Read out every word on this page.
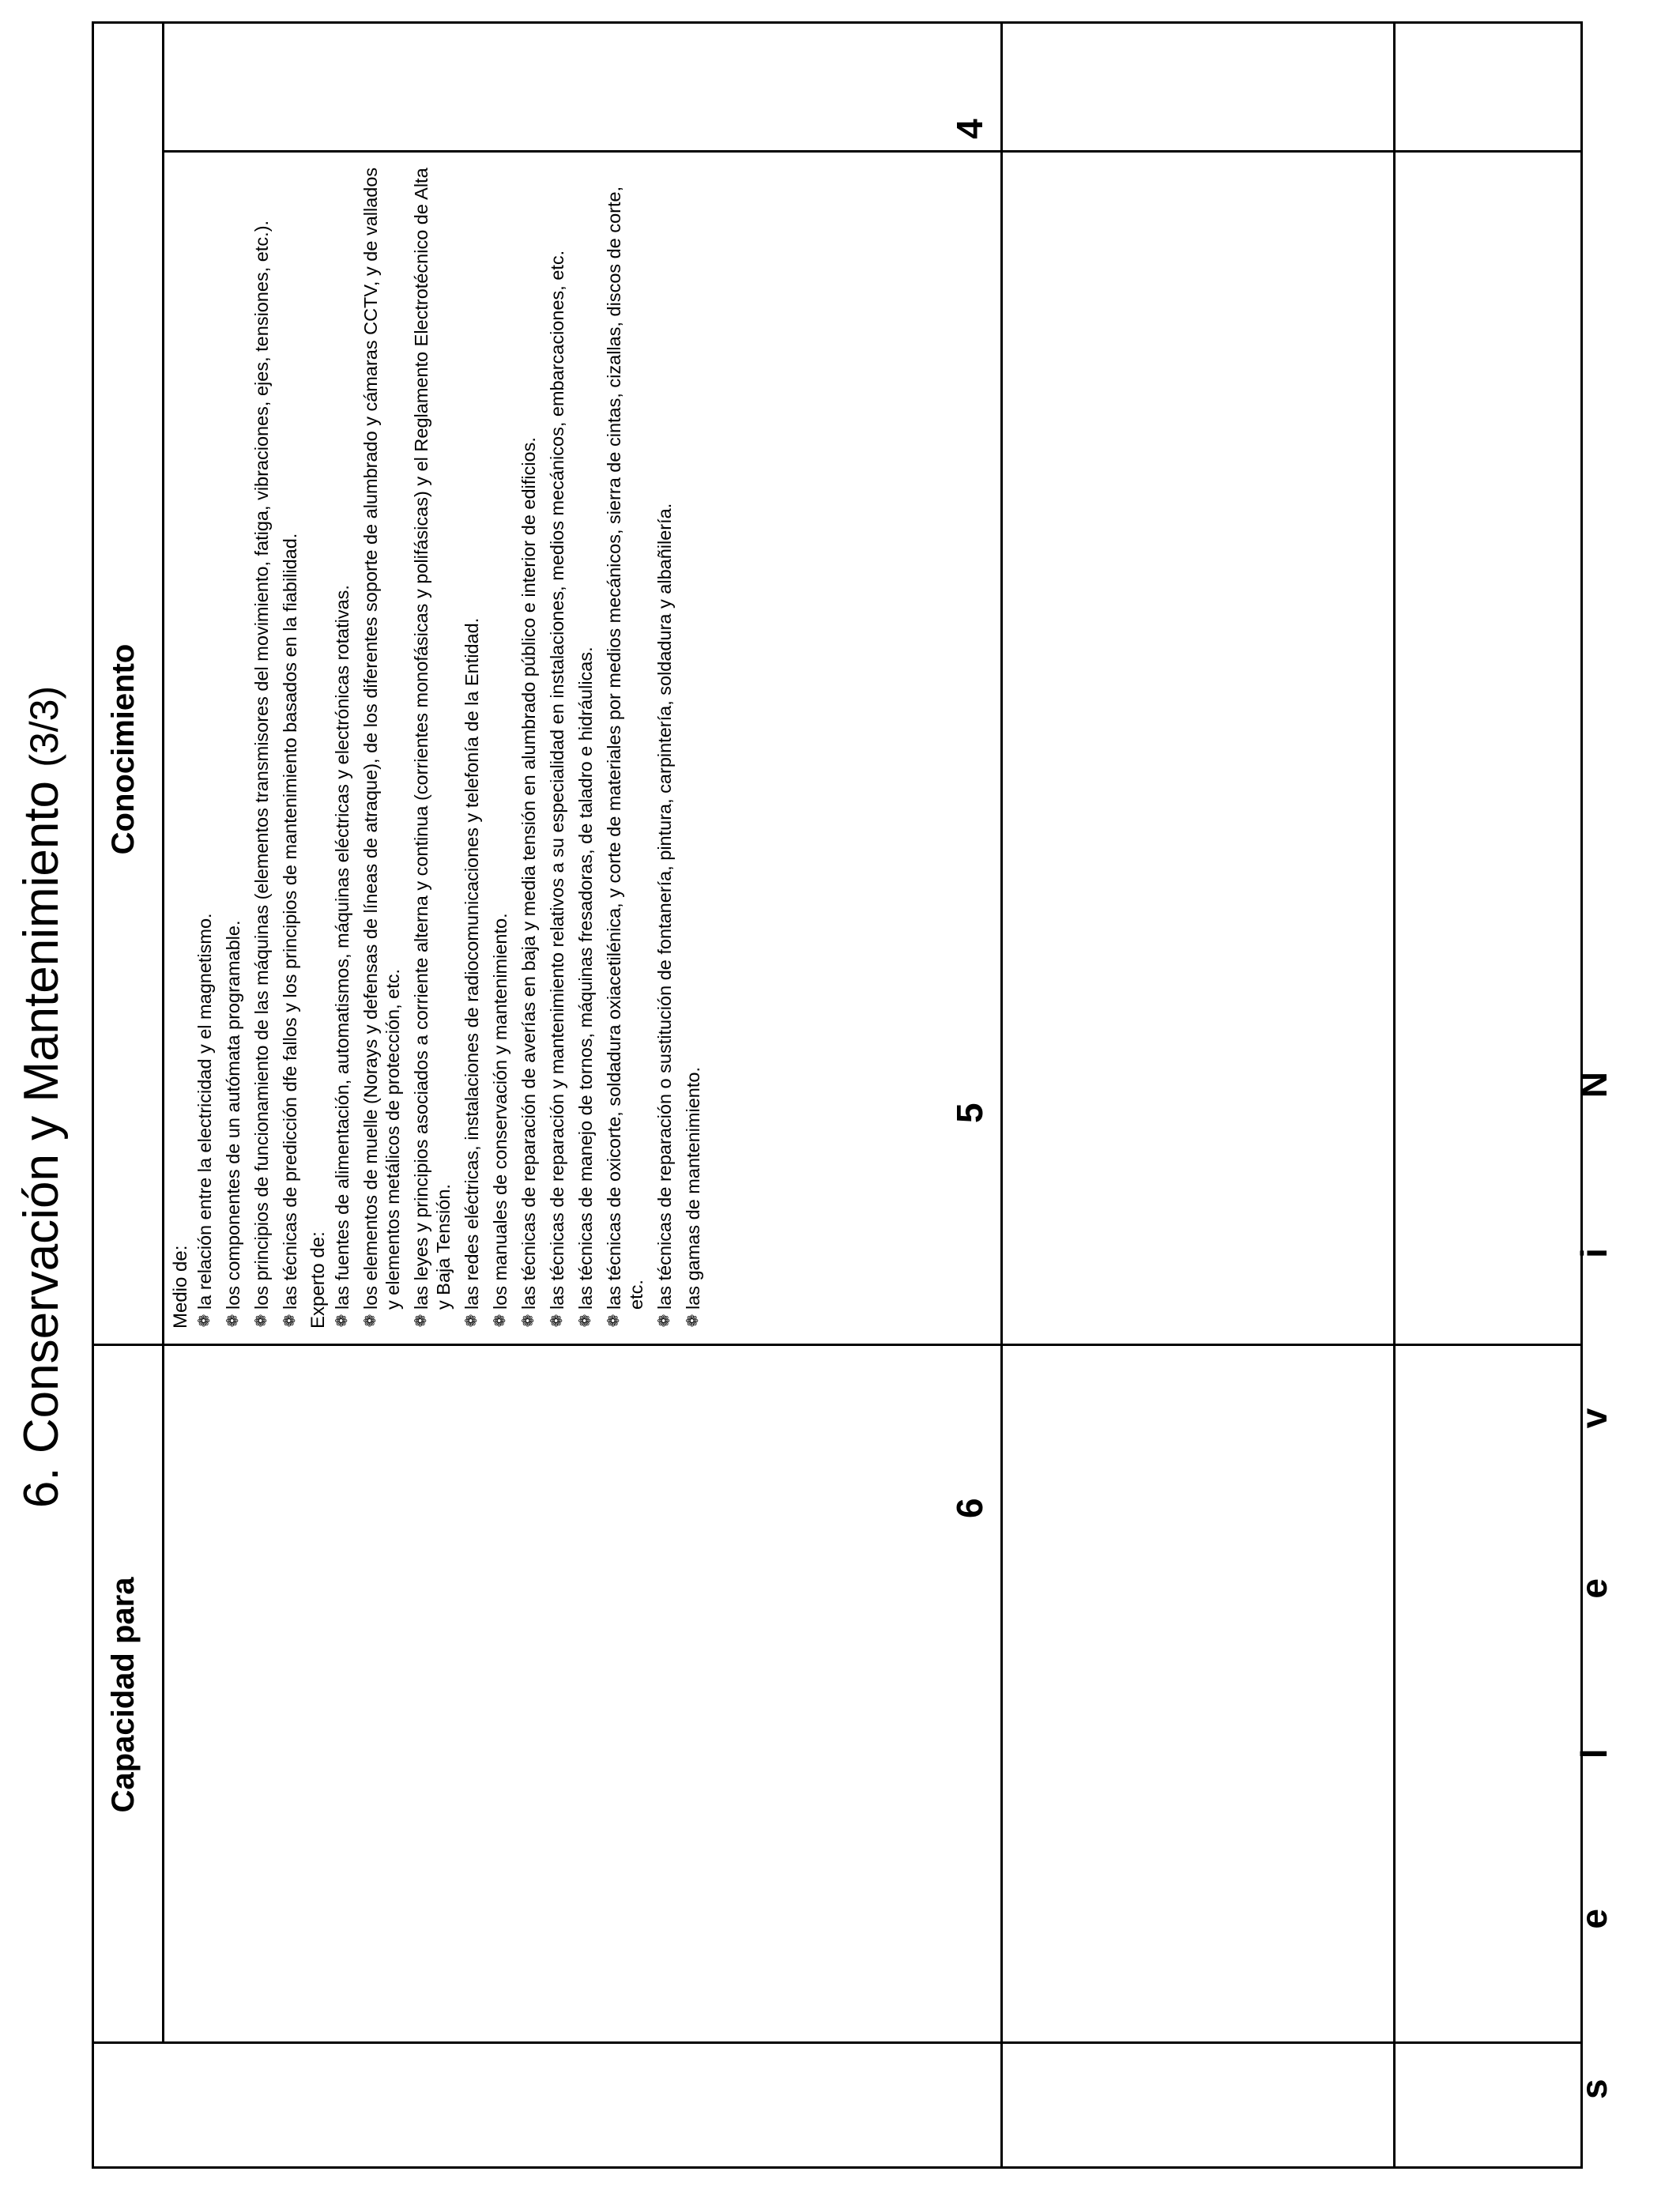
6. Conservación y Mantenimiento (3/3) Conocimiento
Capacidad para
s
e
l
e
v
i
N
4
5
6
Medio de: ❁
la relación entre la electricidad y el magnetismo.
❁
los componentes de un autómata programable.
❁
los principios de funcionamiento de las máquinas (elementos transmisores del movimiento, fatiga, vibraciones, ejes, tensiones, etc.).
❁
las técnicas de predicción dfe fallos y los principios de mantenimiento basados en la fiabilidad. Experto de: ❁
las fuentes de alimentación, automatismos, máquinas eléctricas y electrónicas rotativas.
❁
los elementos de muelle (Norays y defensas de líneas de atraque), de los diferentes soporte de alumbrado y cámaras CCTV, y de vallados y elementos metálicos de protección, etc.
❁
las leyes y principios asociados a corriente alterna y continua (corrientes monofásicas y polifásicas) y el Reglamento Electrotécnico de Alta y Baja Tensión.
❁
las redes eléctricas, instalaciones de radiocomunicaciones y telefonía de la Entidad.
❁
los manuales de conservación y mantenimiento.
❁
las técnicas de reparación de averías en baja y media tensión en alumbrado público e interior de edificios.
❁
las técnicas de reparación y mantenimiento relativos a su especialidad en instalaciones, medios mecánicos, embarcaciones, etc.
❁
las técnicas de manejo de tornos, máquinas fresadoras, de taladro e hidráulicas.
❁
las técnicas de oxicorte, soldadura oxiacetilénica, y corte de materiales por medios mecánicos, sierra de cintas, cizallas, discos de corte, etc.
❁
las técnicas de reparación o sustitución de fontanería, pintura, carpintería, soldadura y albañilería.
❁
las gamas de mantenimiento.
